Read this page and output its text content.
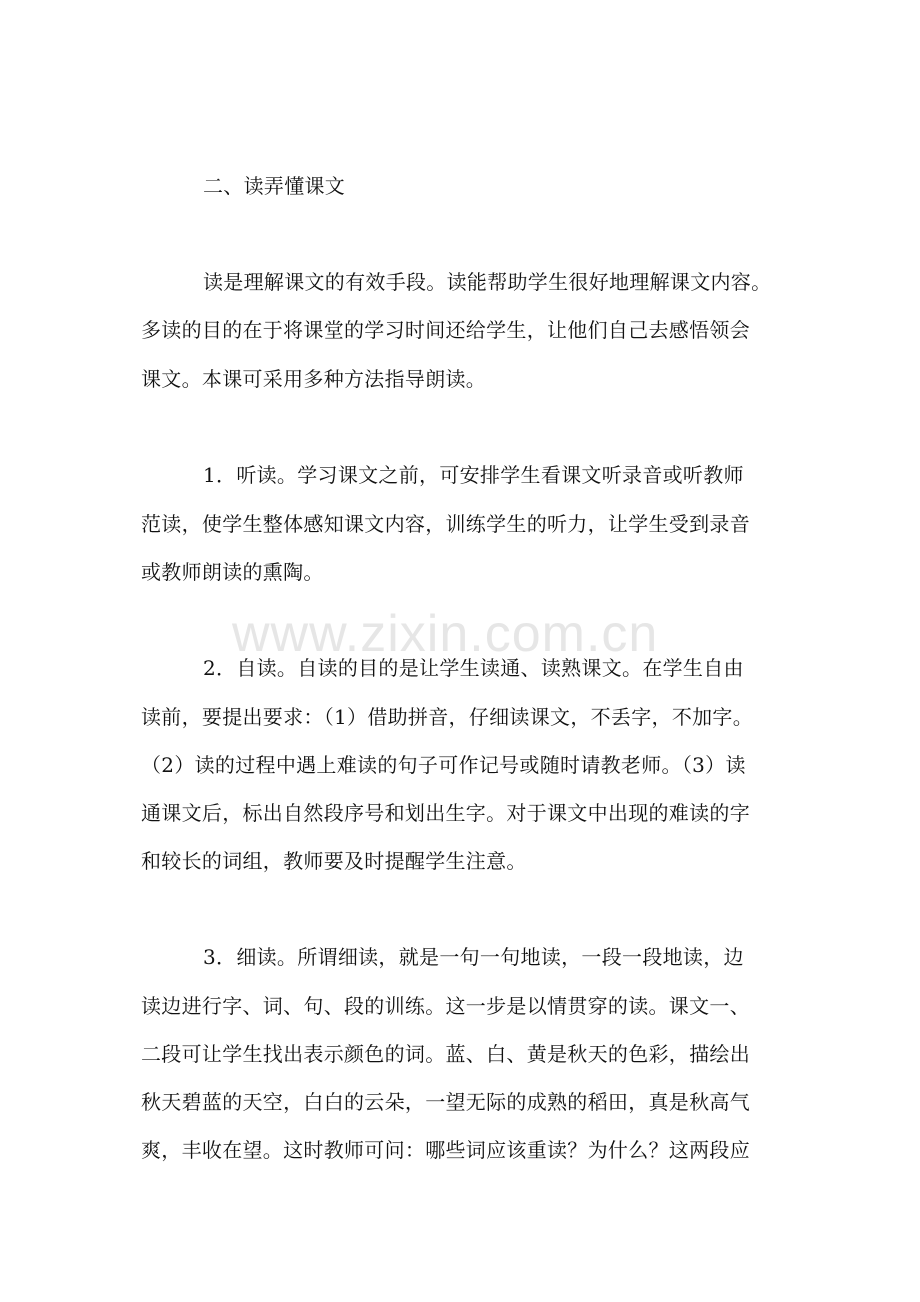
二、读弄懂课文
读是理解课文的有效手段。读能帮助学生很好地理解课文内容。
多读的目的在于将课堂的学习时间还给学生，让他们自己去感悟领会
课文。本课可采用多种方法指导朗读。
1．听读。学习课文之前，可安排学生看课文听录音或听教师
范读，使学生整体感知课文内容，训练学生的听力，让学生受到录音
或教师朗读的熏陶。
www.zixin.com.cn
2．自读。自读的目的是让学生读通、读熟课文。在学生自由
读前，要提出要求：（1）借助拼音，仔细读课文，不丢字，不加字。
（2）读的过程中遇上难读的句子可作记号或随时请教老师。（3）读
通课文后，标出自然段序号和划出生字。对于课文中出现的难读的字
和较长的词组，教师要及时提醒学生注意。
3．细读。所谓细读，就是一句一句地读，一段一段地读，边
读边进行字、词、句、段的训练。这一步是以情贯穿的读。课文一、
二段可让学生找出表示颜色的词。蓝、白、黄是秋天的色彩，描绘出
秋天碧蓝的天空，白白的云朵，一望无际的成熟的稻田，真是秋高气
爽，丰收在望。这时教师可问：哪些词应该重读？为什么？这两段应
